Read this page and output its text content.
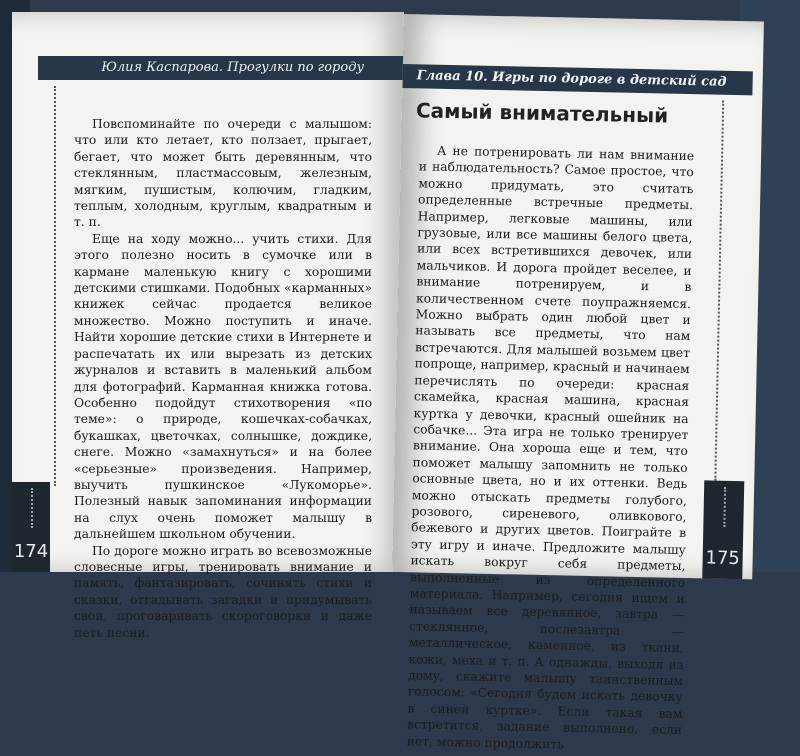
Юлия Каспарова. Прогулки по городу

Повспоминайте по очереди с малышом: что или кто летает, кто ползает, прыгает, бегает, что может быть деревянным, что стеклянным, пластмассовым, железным, мягким, пушистым, колючим, гладким, теплым, холодным, круглым, квадратным и т. п.

Еще на ходу можно... учить стихи. Для этого полезно носить в сумочке или в кармане маленькую книгу с хорошими детскими стишками. Подобных «карманных» книжек сейчас продается великое множество. Можно поступить и иначе. Найти хорошие детские стихи в Интернете и распечатать их или вырезать из детских журналов и вставить в маленький альбом для фотографий. Карманная книжка готова. Особенно подойдут стихотворения «по теме»: о природе, кошечках-собачках, букашках, цветочках, солнышке, дождике, снеге. Можно «замахнуться» и на более «серьезные» произведения. Например, выучить пушкинское «Лукоморье». Полезный навык запоминания информации на слух очень поможет малышу в дальнейшем школьном обучении.

По дороге можно играть во всевозможные словесные игры, тренировать внимание и память, фантазировать, сочинять стихи и сказки, отгадывать загадки и придумывать свои, проговаривать скороговорки и даже петь песни.

174
Глава 10. Игры по дороге в детский сад
Самый внимательный

А не потренировать ли нам внимание и наблюдательность? Самое простое, что можно придумать, это считать определенные встречные предметы. Например, легковые машины, или грузовые, или все машины белого цвета, или всех встретившихся девочек, или мальчиков. И дорога пройдет веселее, и внимание потренируем, и в количественном счете поупражняемся. Можно выбрать один любой цвет и называть все предметы, что нам встречаются. Для малышей возьмем цвет попроще, например, красный и начинаем перечислять по очереди: красная скамейка, красная машина, красная куртка у девочки, красный ошейник на собачке... Эта игра не только тренирует внимание. Она хороша еще и тем, что поможет малышу запомнить не только основные цвета, но и их оттенки. Ведь можно отыскать предметы голубого, розового, сиреневого, оливкового, бежевого и других цветов. Поиграйте в эту игру и иначе. Предложите малышу искать вокруг себя предметы, выполненные из определенного материала. Например, сегодня ищем и называем все деревянное, завтра — стеклянное, послезавтра — металлическое, каменное, из ткани, кожи, меха и т. п. А однажды, выходя из дому, скажите малышу таинственным голосом: «Сегодня будем искать девочку в синей куртке». Если такая вам встретится, задание выполнено, если нет, можно продолжить

175
